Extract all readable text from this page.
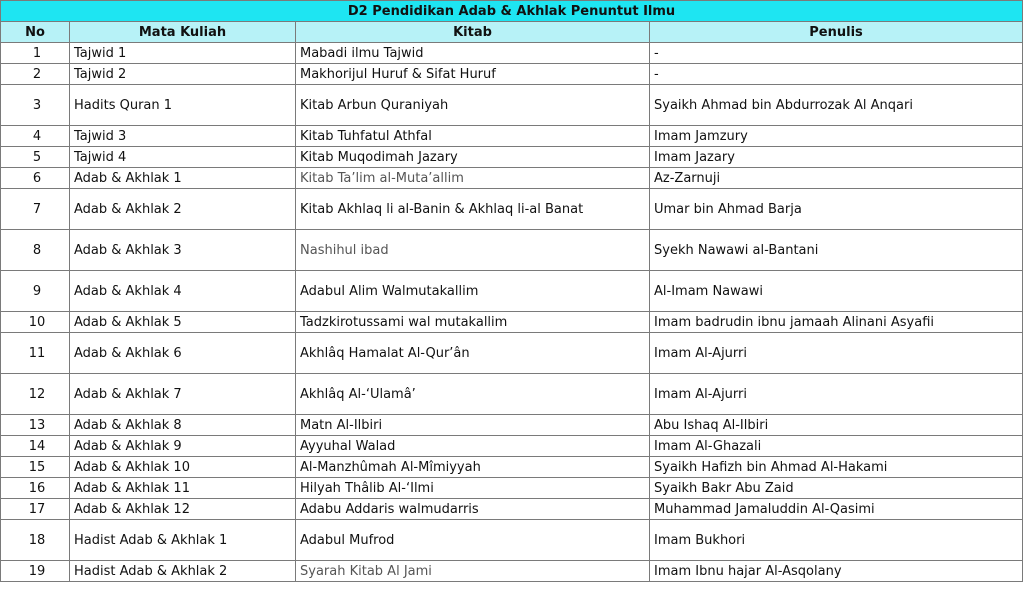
D2 Pendidikan Adab & Akhlak Penuntut Ilmu			
No	Mata Kuliah	Kitab	Penulis
1	Tajwid 1	Mabadi ilmu Tajwid	-
2	Tajwid 2	Makhorijul Huruf & Sifat Huruf	-
3	Hadits Quran 1	Kitab Arbun Quraniyah	Syaikh Ahmad bin Abdurrozak Al Anqari
4	Tajwid 3	Kitab Tuhfatul Athfal	Imam Jamzury
5	Tajwid 4	Kitab Muqodimah Jazary	Imam Jazary
6	Adab & Akhlak 1	Kitab Ta’lim al-Muta’allim	Az-Zarnuji
7	Adab & Akhlak 2	Kitab Akhlaq li al-Banin & Akhlaq li-al Banat	Umar bin Ahmad Barja
8	Adab & Akhlak 3	Nashihul ibad	Syekh Nawawi al-Bantani
9	Adab & Akhlak 4	Adabul Alim Walmutakallim	Al-Imam Nawawi
10	Adab & Akhlak 5	Tadzkirotussami wal mutakallim	Imam badrudin ibnu jamaah Alinani Asyafii
11	Adab & Akhlak 6	Akhlâq Hamalat Al-Qur’ân	Imam Al-Ajurri
12	Adab & Akhlak 7	Akhlâq Al-‘Ulamâ’	Imam Al-Ajurri
13	Adab & Akhlak 8	Matn Al-Ilbiri	Abu Ishaq Al-Ilbiri
14	Adab & Akhlak 9	Ayyuhal Walad	Imam Al-Ghazali
15	Adab & Akhlak 10	Al-Manzhûmah Al-Mîmiyyah	Syaikh Hafizh bin Ahmad Al-Hakami
16	Adab & Akhlak 11	Hilyah Thâlib Al-‘Ilmi	Syaikh Bakr Abu Zaid
17	Adab & Akhlak 12	Adabu Addaris walmudarris	Muhammad Jamaluddin Al-Qasimi
18	Hadist Adab & Akhlak 1	Adabul Mufrod	Imam Bukhori
19	Hadist Adab & Akhlak 2	Syarah Kitab Al Jami	Imam Ibnu hajar Al-Asqolany
